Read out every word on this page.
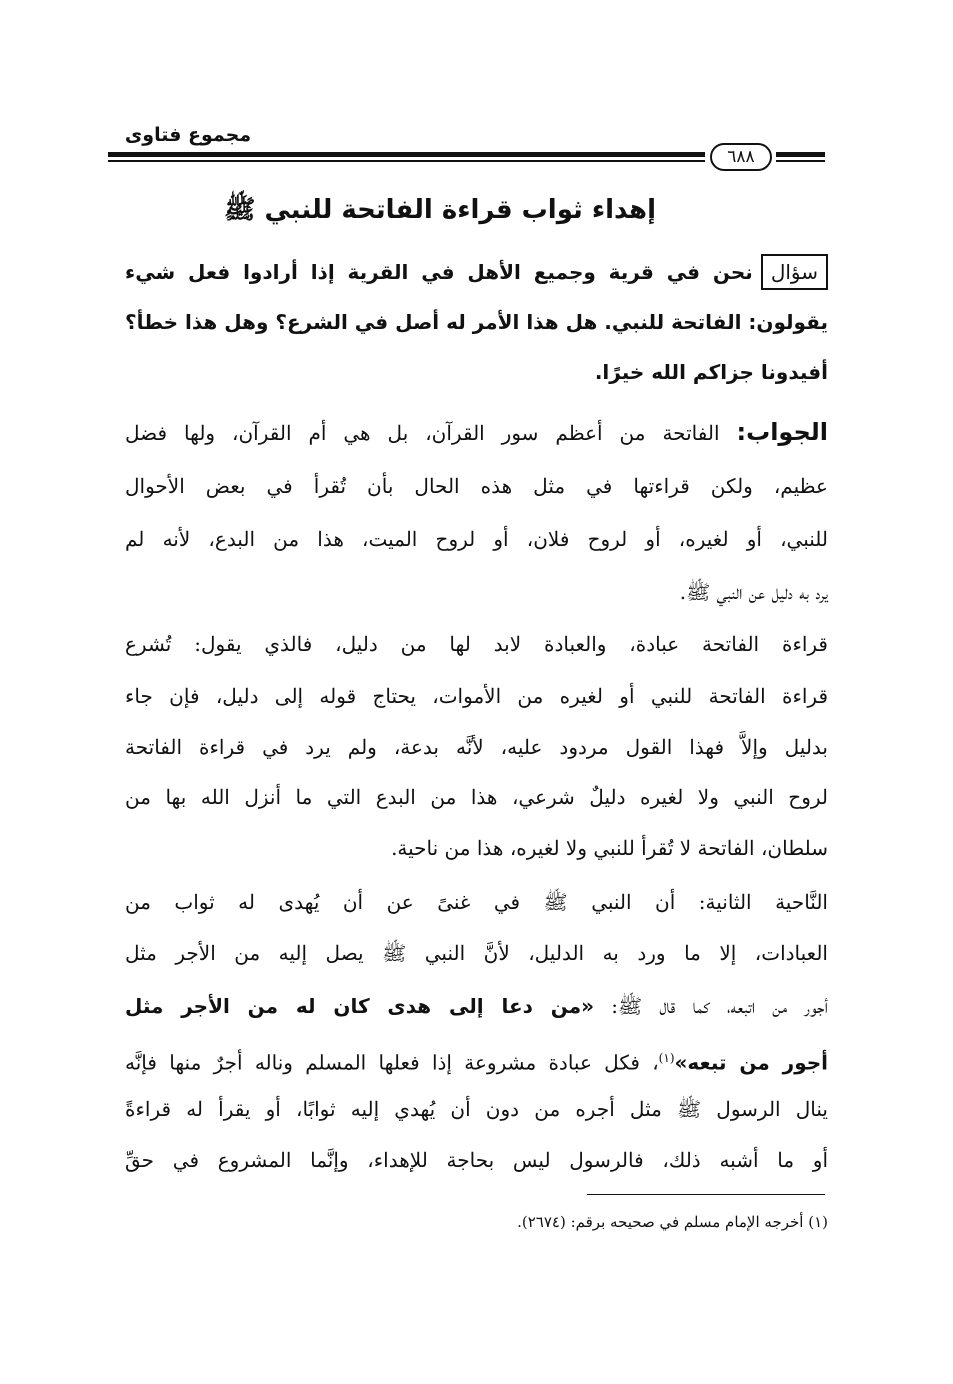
مجموع فتاوى
٦٨٨
إهداء ثواب قراءة الفاتحة للنبي ﷺ
سؤالنحن في قرية وجميع الأهل في القرية إذا أرادوا فعل شيء
يقولون: الفاتحة للنبي. هل هذا الأمر له أصل في الشرع؟ وهل هذا خطأ؟
أفيدونا جزاكم الله خيرًا.
الجواب: الفاتحة من أعظم سور القرآن، بل هي أم القرآن، ولها فضل
عظيم، ولكن قراءتها في مثل هذه الحال بأن تُقرأ في بعض الأحوال
للنبي، أو لغيره، أو لروح فلان، أو لروح الميت، هذا من البدع، لأنه لم
يرد به دليل عن النبي ﷺ.
قراءة الفاتحة عبادة، والعبادة لابد لها من دليل، فالذي يقول: تُشرع
قراءة الفاتحة للنبي أو لغيره من الأموات، يحتاج قوله إلى دليل، فإن جاء
بدليل وإلاَّ فهذا القول مردود عليه، لأنَّه بدعة، ولم يرد في قراءة الفاتحة
لروح النبي ولا لغيره دليلٌ شرعي، هذا من البدع التي ما أنزل الله بها من
سلطان، الفاتحة لا تُقرأ للنبي ولا لغيره، هذا من ناحية.
النَّاحية الثانية: أن النبي ﷺ في غنىً عن أن يُهدى له ثواب من
العبادات، إلا ما ورد به الدليل، لأنَّ النبي ﷺ يصل إليه من الأجر مثل
أجور من اتبعه، كما قال ﷺ: «من دعا إلى هدى كان له من الأجر مثل
أجور من تبعه»$^{(١)}$، فكل عبادة مشروعة إذا فعلها المسلم وناله أجرٌ منها فإنَّه
ينال الرسول ﷺ مثل أجره من دون أن يُهدي إليه ثوابًا، أو يقرأ له قراءةً
أو ما أشبه ذلك، فالرسول ليس بحاجة للإهداء، وإنَّما المشروع في حقِّ
(١) أخرجه الإمام مسلم في صحيحه برقم: (٢٦٧٤).
